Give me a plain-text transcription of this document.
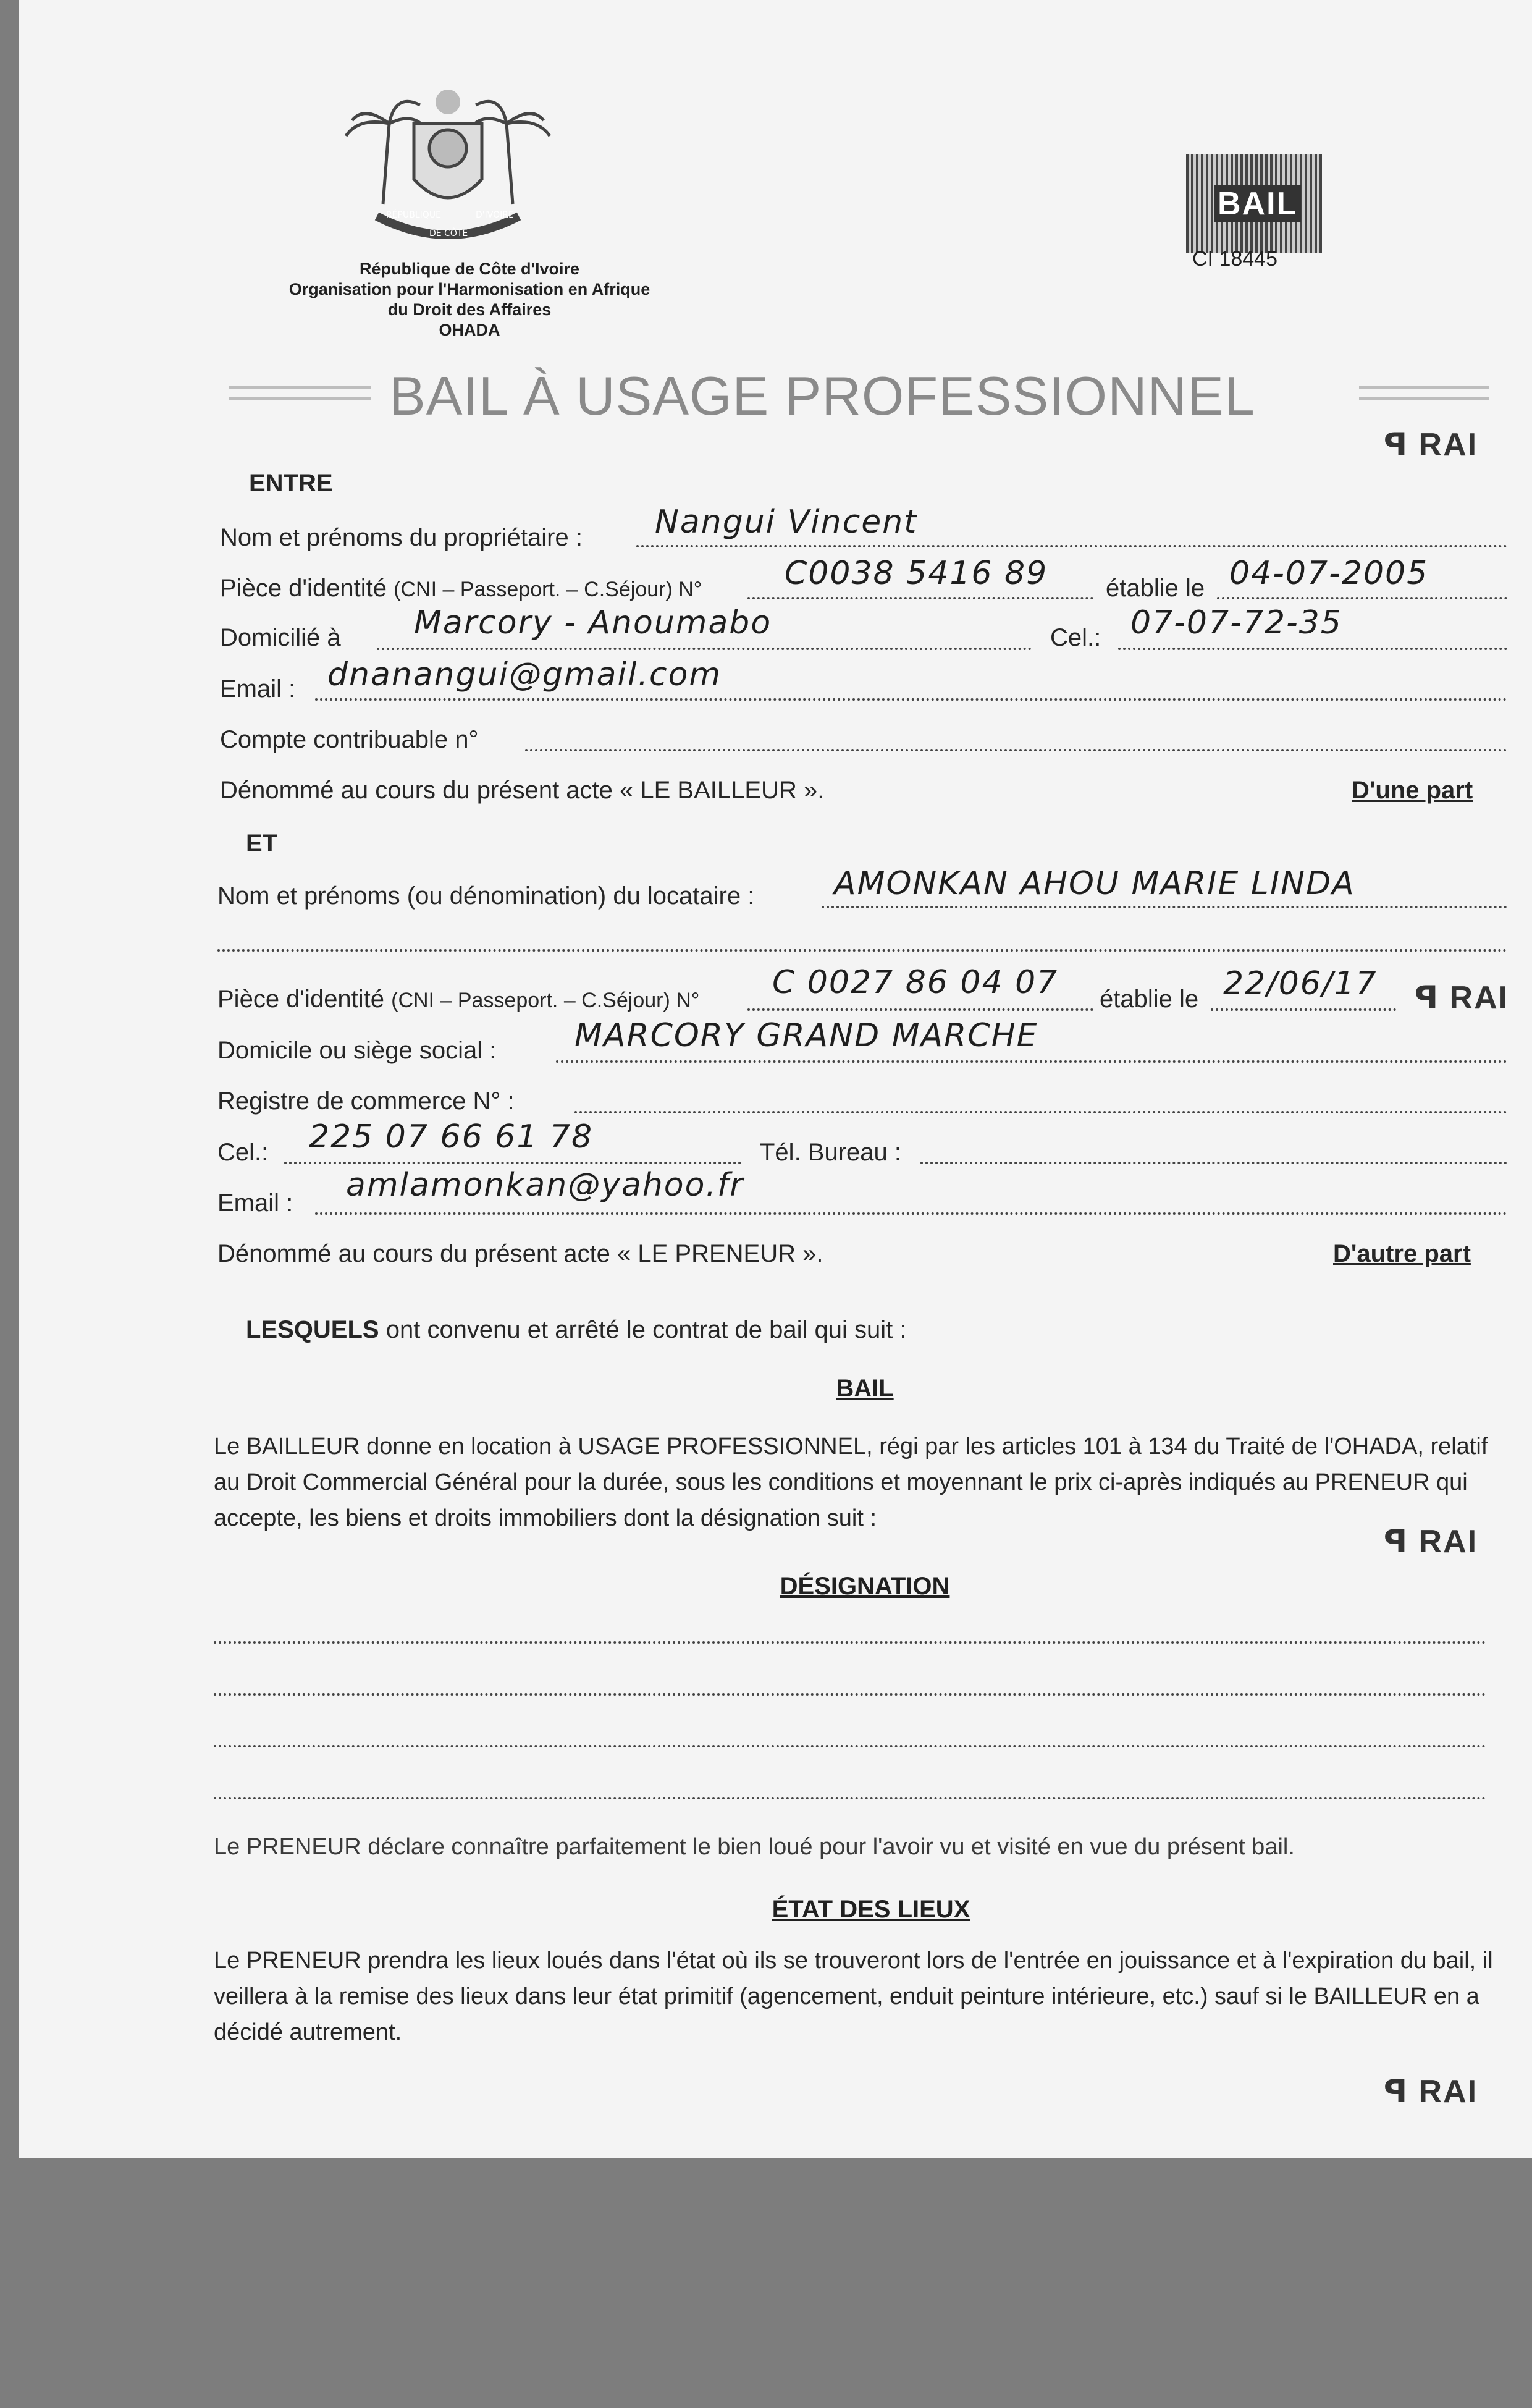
RÉPUBLIQUE	D'IVOIRE
DE CÔTE
République de Côte d'Ivoire
Organisation pour l'Harmonisation en Afrique
du Droit des Affaires
OHADA
BAIL
CI 18445
BAIL À USAGE PROFESSIONNEL
ꟼ RAI
ꟼ RAI
ꟼ RAI
ꟼ RAI
ENTRE
Nom et prénoms du propriétaire : Nangui Vincent
Pièce d'identité (CNI – Passeport. – C.Séjour) N°	C0038 5416 89 établie le 04-07-2005
Domicilié à Marcory - Anoumabo	Cel.: 07-07-72-35
Email : dnanangui@gmail.com
Compte contribuable n°
Dénommé au cours du présent acte « LE BAILLEUR ».	D'une part
ET
Nom et prénoms (ou dénomination) du locataire : AMONKAN AHOU MARIE LINDA
Pièce d'identité (CNI – Passeport. – C.Séjour) N° C 0027 86 04 07 établie le 22/06/17
Domicile ou siège social : MARCORY GRAND MARCHE
Registre de commerce N° :
Cel.: 225 07 66 61 78	Tél. Bureau :
Email : amlamonkan@yahoo.fr
Dénommé au cours du présent acte « LE PRENEUR ».	D'autre part
LESQUELS ont convenu et arrêté le contrat de bail qui suit :
BAIL
Le BAILLEUR donne en location à USAGE PROFESSIONNEL, régi par les articles 101 à 134 du Traité de l'OHADA, relatif au Droit Commercial Général pour la durée, sous les conditions et moyennant le prix ci-après indiqués au PRENEUR qui accepte, les biens et droits immobiliers dont la désignation suit :
DÉSIGNATION
Le PRENEUR déclare connaître parfaitement le bien loué pour l'avoir vu et visité en vue du présent bail.
ÉTAT DES LIEUX
Le PRENEUR prendra les lieux loués dans l'état où ils se trouveront lors de l'entrée en jouissance et à l'expiration du bail, il veillera à la remise des lieux dans leur état primitif (agencement, enduit peinture intérieure, etc.) sauf si le BAILLEUR en a décidé autrement.
